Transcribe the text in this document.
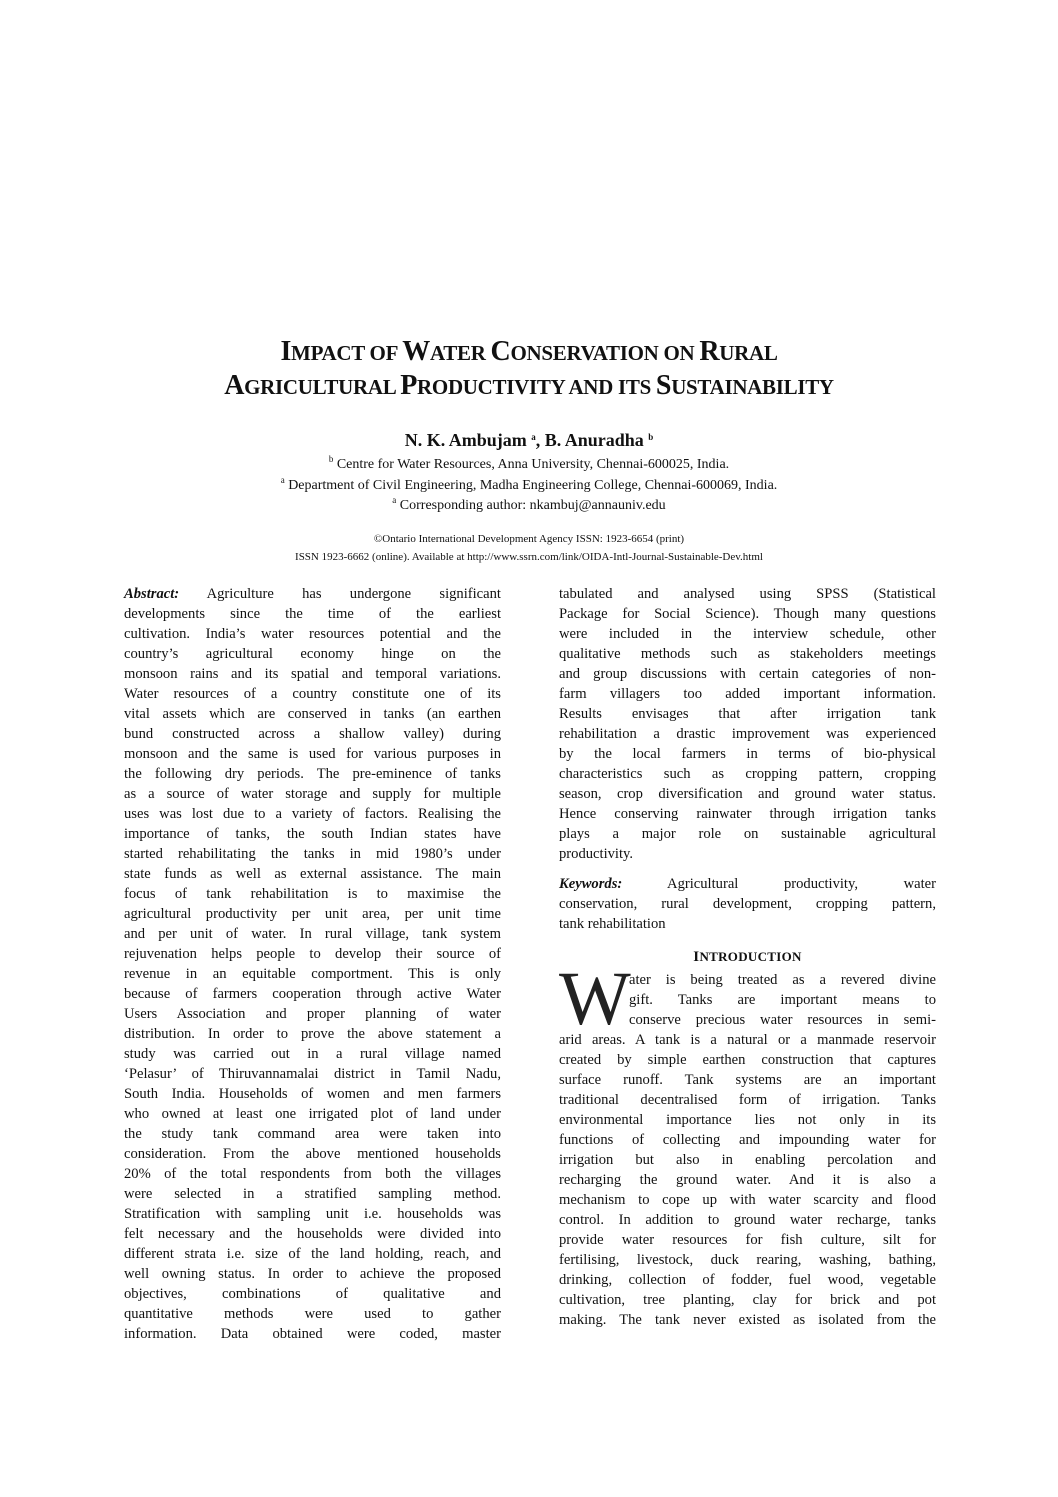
IMPACT OF WATER CONSERVATION ON RURAL
AGRICULTURAL PRODUCTIVITY AND ITS SUSTAINABILITY
N. K. Ambujam $^a$, B. Anuradha $^b$
$^b$ Centre for Water Resources, Anna University, Chennai-600025, India.
$^a$ Department of Civil Engineering, Madha Engineering College, Chennai-600069, India.
$^a$ Corresponding author: nkambuj@annauniv.edu
©Ontario International Development Agency ISSN: 1923-6654 (print)
ISSN 1923-6662 (online). Available at http://www.ssrn.com/link/OIDA-Intl-Journal-Sustainable-Dev.html
Abstract: Agriculture has undergone significant
developments since the time of the earliest
cultivation. India’s water resources potential and the
country’s agricultural economy hinge on the
monsoon rains and its spatial and temporal variations.
Water resources of a country constitute one of its
vital assets which are conserved in tanks (an earthen
bund constructed across a shallow valley) during
monsoon and the same is used for various purposes in
the following dry periods. The pre-eminence of tanks
as a source of water storage and supply for multiple
uses was lost due to a variety of factors. Realising the
importance of tanks, the south Indian states have
started rehabilitating the tanks in mid 1980’s under
state funds as well as external assistance. The main
focus of tank rehabilitation is to maximise the
agricultural productivity per unit area, per unit time
and per unit of water. In rural village, tank system
rejuvenation helps people to develop their source of
revenue in an equitable comportment. This is only
because of farmers cooperation through active Water
Users Association and proper planning of water
distribution. In order to prove the above statement a
study was carried out in a rural village named
‘Pelasur’ of Thiruvannamalai district in Tamil Nadu,
South India. Households of women and men farmers
who owned at least one irrigated plot of land under
the study tank command area were taken into
consideration. From the above mentioned households
20% of the total respondents from both the villages
were selected in a stratified sampling method.
Stratification with sampling unit i.e. households was
felt necessary and the households were divided into
different strata i.e. size of the land holding, reach, and
well owning status. In order to achieve the proposed
objectives, combinations of qualitative and
quantitative methods were used to gather
information. Data obtained were coded, master
tabulated and analysed using SPSS (Statistical
Package for Social Science). Though many questions
were included in the interview schedule, other
qualitative methods such as stakeholders meetings
and group discussions with certain categories of non-
farm villagers too added important information.
Results envisages that after irrigation tank
rehabilitation a drastic improvement was experienced
by the local farmers in terms of bio-physical
characteristics such as cropping pattern, cropping
season, crop diversification and ground water status.
Hence conserving rainwater through irrigation tanks
plays a major role on sustainable agricultural
productivity.
Keywords: Agricultural productivity, water
conservation, rural development, cropping pattern,
tank rehabilitation
INTRODUCTION
W
ater is being treated as a revered divine
gift. Tanks are important means to
conserve precious water resources in semi-
arid areas. A tank is a natural or a manmade reservoir
created by simple earthen construction that captures
surface runoff. Tank systems are an important
traditional decentralised form of irrigation. Tanks
environmental importance lies not only in its
functions of collecting and impounding water for
irrigation but also in enabling percolation and
recharging the ground water. And it is also a
mechanism to cope up with water scarcity and flood
control. In addition to ground water recharge, tanks
provide water resources for fish culture, silt for
fertilising, livestock, duck rearing, washing, bathing,
drinking, collection of fodder, fuel wood, vegetable
cultivation, tree planting, clay for brick and pot
making. The tank never existed as isolated from the
